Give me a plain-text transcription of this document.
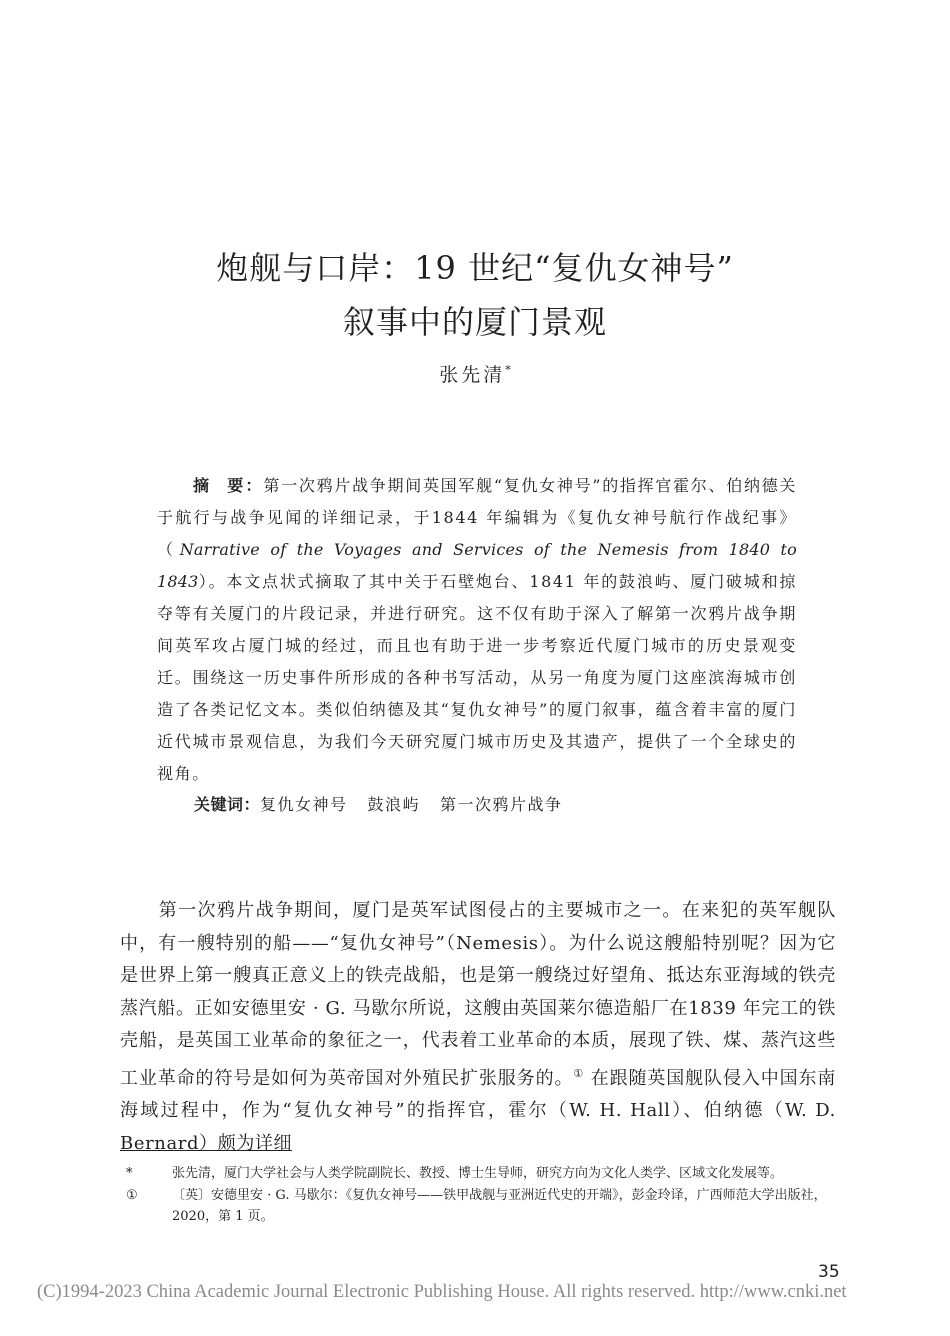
炮舰与口岸：19 世纪“复仇女神号”
叙事中的厦门景观
张先清*
摘 要：第一次鸦片战争期间英国军舰“复仇女神号”的指挥官霍尔、伯纳德关于航行与战争见闻的详细记录，于1844 年编辑为《复仇女神号航行作战纪事》（Narrative of the Voyages and Services of the Nemesis from 1840 to 1843）。本文点状式摘取了其中关于石壁炮台、1841 年的鼓浪屿、厦门破城和掠夺等有关厦门的片段记录，并进行研究。这不仅有助于深入了解第一次鸦片战争期间英军攻占厦门城的经过，而且也有助于进一步考察近代厦门城市的历史景观变迁。围绕这一历史事件所形成的各种书写活动，从另一角度为厦门这座滨海城市创造了各类记忆文本。类似伯纳德及其“复仇女神号”的厦门叙事，蕴含着丰富的厦门近代城市景观信息，为我们今天研究厦门城市历史及其遗产，提供了一个全球史的视角。
关键词：复仇女神号 鼓浪屿 第一次鸦片战争
第一次鸦片战争期间，厦门是英军试图侵占的主要城市之一。在来犯的英军舰队中，有一艘特别的船——“复仇女神号”（Nemesis）。为什么说这艘船特别呢？因为它是世界上第一艘真正意义上的铁壳战船，也是第一艘绕过好望角、抵达东亚海域的铁壳蒸汽船。正如安德里安 · G. 马歇尔所说，这艘由英国莱尔德造船厂在1839 年完工的铁壳船，是英国工业革命的象征之一，代表着工业革命的本质，展现了铁、煤、蒸汽这些工业革命的符号是如何为英帝国对外殖民扩张服务的。① 在跟随英国舰队侵入中国东南海域过程中，作为“复仇女神号”的指挥官，霍尔（W. H. Hall）、伯纳德（W. D. Bernard）颇为详细
*	张先清，厦门大学社会与人类学院副院长、教授、博士生导师，研究方向为文化人类学、区域文化发展等。
①	〔英〕安德里安 · G. 马歇尔：《复仇女神号——铁甲战舰与亚洲近代史的开端》，彭金玲译，广西师范大学出版社，2020，第 1 页。
35
(C)1994-2023 China Academic Journal Electronic Publishing House. All rights reserved. http://www.cnki.net
